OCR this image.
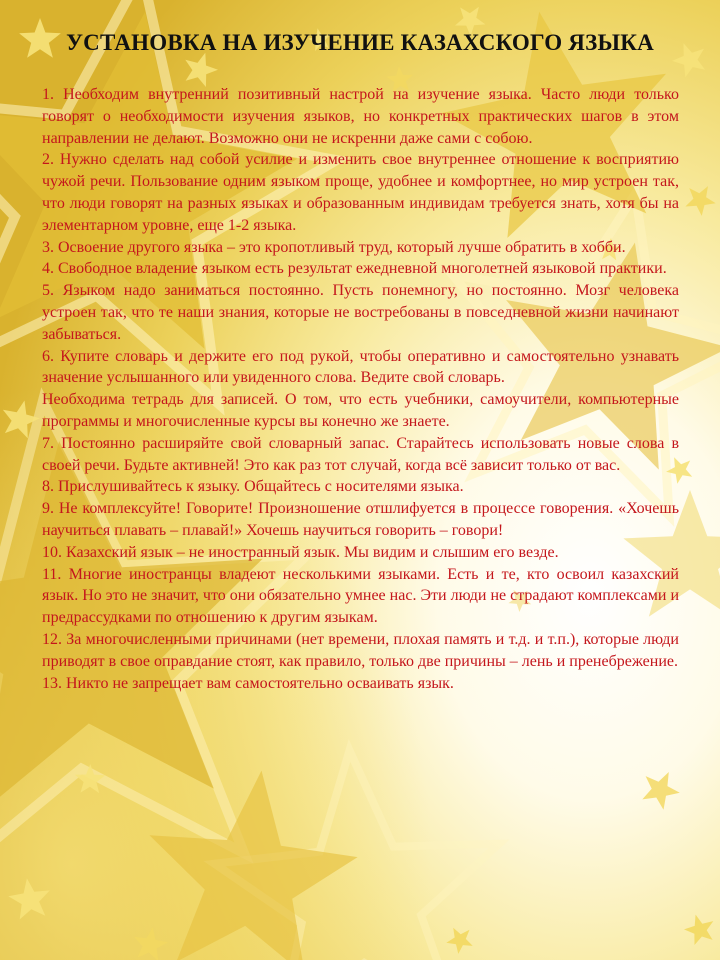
УСТАНОВКА НА ИЗУЧЕНИЕ КАЗАХСКОГО ЯЗЫКА

1. Необходим внутренний позитивный настрой на изучение языка. Часто люди только говорят о необходимости изучения языков, но конкретных практических шагов в этом направлении не делают. Возможно они не искренни даже сами с собою.

2. Нужно сделать над собой усилие и изменить свое внутреннее отношение к восприятию чужой речи. Пользование одним языком проще, удобнее и комфортнее, но мир устроен так, что люди говорят на разных языках и образованным индивидам требуется знать, хотя бы на элементарном уровне, еще 1-2 языка.

3. Освоение другого языка – это кропотливый труд, который лучше обратить в хобби.

4. Свободное владение языком есть результат ежедневной многолетней языковой практики.

5. Языком надо заниматься постоянно. Пусть понемногу, но постоянно. Мозг человека устроен так, что те наши знания, которые не востребованы в повседневной жизни начинают забываться.

6. Купите словарь и держите его под рукой, чтобы оперативно и самостоятельно узнавать значение услышанного или увиденного слова. Ведите свой словарь.

Необходима тетрадь для записей. О том, что есть учебники, самоучители, компьютерные программы и многочисленные курсы вы конечно же знаете.

7. Постоянно расширяйте свой словарный запас. Старайтесь использовать новые слова в своей речи. Будьте активней! Это как раз тот случай, когда всё зависит только от вас.

8. Прислушивайтесь к языку. Общайтесь с носителями языка.

9. Не комплексуйте! Говорите! Произношение отшлифуется в процессе говорения. «Хочешь научиться плавать – плавай!» Хочешь научиться говорить – говори!

10. Казахский язык – не иностранный язык. Мы видим и слышим его везде.

11. Многие иностранцы владеют несколькими языками. Есть и те, кто освоил казахский язык. Но это не значит, что они обязательно умнее нас. Эти люди не страдают комплексами и предрассудками по отношению к другим языкам.

12. За многочисленными причинами (нет времени, плохая память и т.д. и т.п.), которые люди приводят в свое оправдание стоят, как правило, только две причины – лень и пренебрежение.

13. Никто не запрещает вам самостоятельно осваивать язык.
